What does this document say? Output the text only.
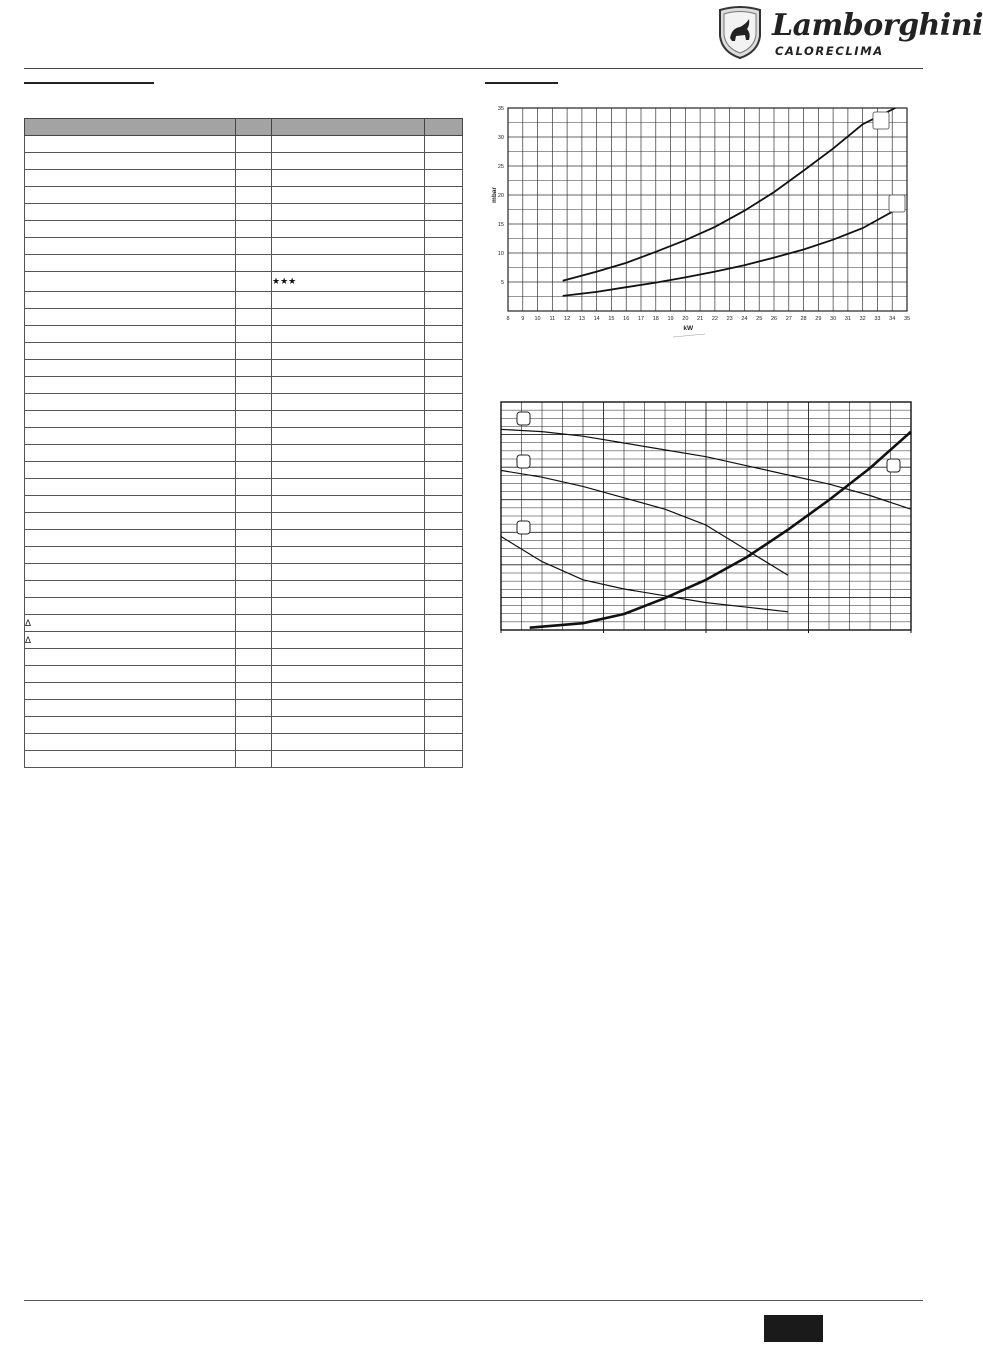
Lamborghini
CALORECLIMA

		★★★	

Δ			
Δ			

8 9 10 11 12 13 14 15 16 17 18 19 20 21 22 23 24 25 26 27 28 29 30 31 32 33 34 35
5
10
15
20
25
30
35
kW
mbar
